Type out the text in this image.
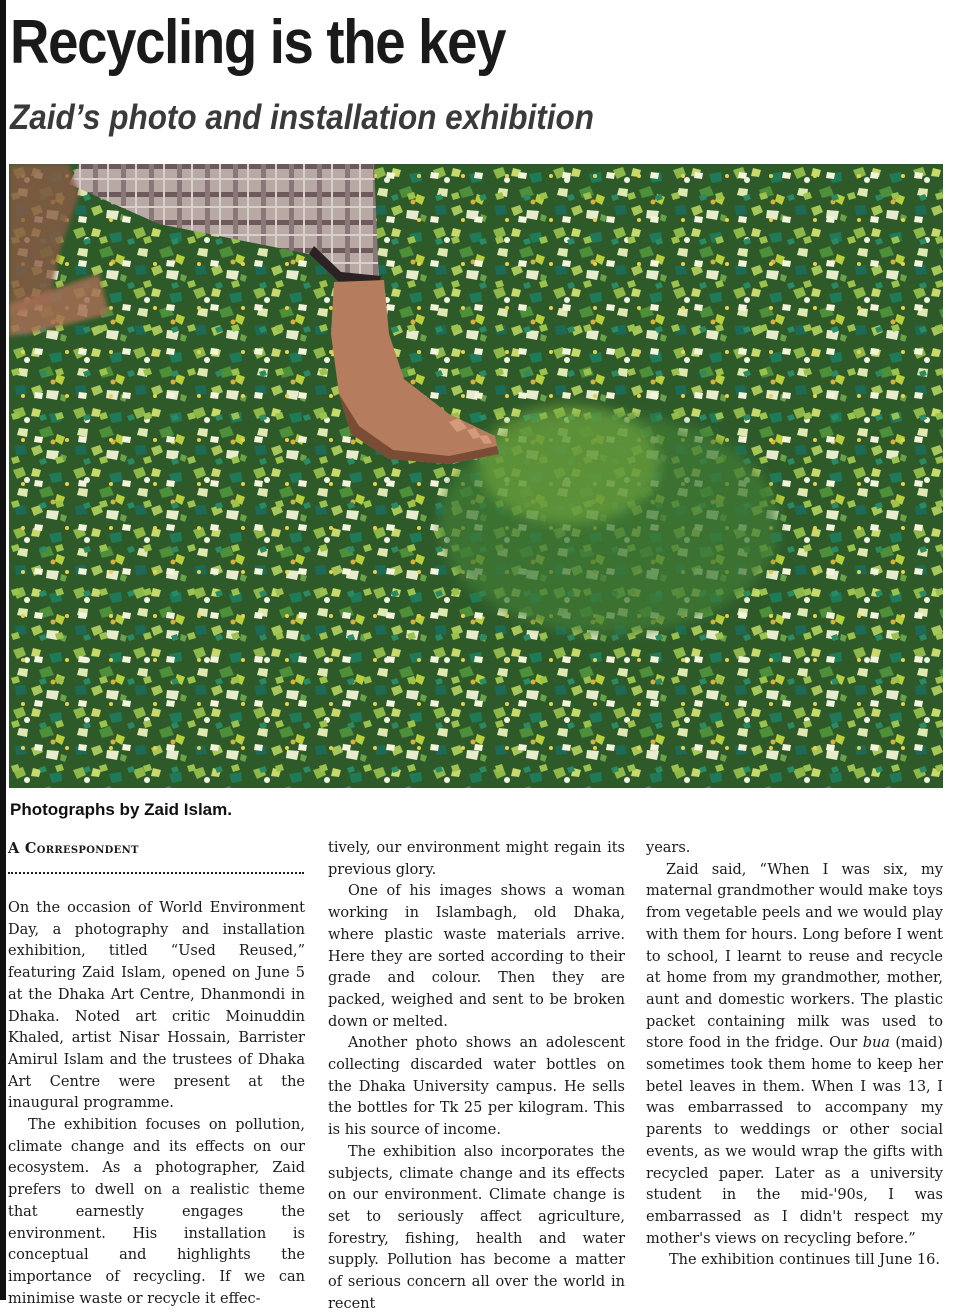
Recycling is the key
Zaid’s photo and installation exhibition
Photographs by Zaid Islam.
A Correspondent

On the occasion of World Environment Day, a photography and installation exhibition, titled “Used Reused,” featuring Zaid Islam, opened on June 5 at the Dhaka Art Centre, Dhanmondi in Dhaka. Noted art critic Moinuddin Khaled, artist Nisar Hossain, Barrister Amirul Islam and the trustees of Dhaka Art Centre were present at the inaugural programme.

The exhibition focuses on pollution, climate change and its effects on our ecosystem. As a photographer, Zaid prefers to dwell on a realistic theme that earnestly engages the environment. His installation is conceptual and highlights the importance of recycling. If we can minimise waste or recycle it effec-

tively, our environment might regain its previous glory.

One of his images shows a woman working in Islambagh, old Dhaka, where plastic waste materials arrive. Here they are sorted according to their grade and colour. Then they are packed, weighed and sent to be broken down or melted.

Another photo shows an adolescent collecting discarded water bottles on the Dhaka University campus. He sells the bottles for Tk 25 per kilogram. This is his source of income.

The exhibition also incorporates the subjects, climate change and its effects on our environment. Climate change is set to seriously affect agriculture, forestry, fishing, health and water supply. Pollution has become a matter of serious concern all over the world in recent

years.

Zaid said, “When I was six, my maternal grandmother would make toys from vegetable peels and we would play with them for hours. Long before I went to school, I learnt to reuse and recycle at home from my grandmother, mother, aunt and domestic workers. The plastic packet containing milk was used to store food in the fridge. Our bua (maid) sometimes took them home to keep her betel leaves in them. When I was 13, I was embarrassed to accompany my parents to weddings or other social events, as we would wrap the gifts with recycled paper. Later as a university student in the mid-'90s, I was embarrassed as I didn't respect my mother's views on recycling before.”

The exhibition continues till June 16.
